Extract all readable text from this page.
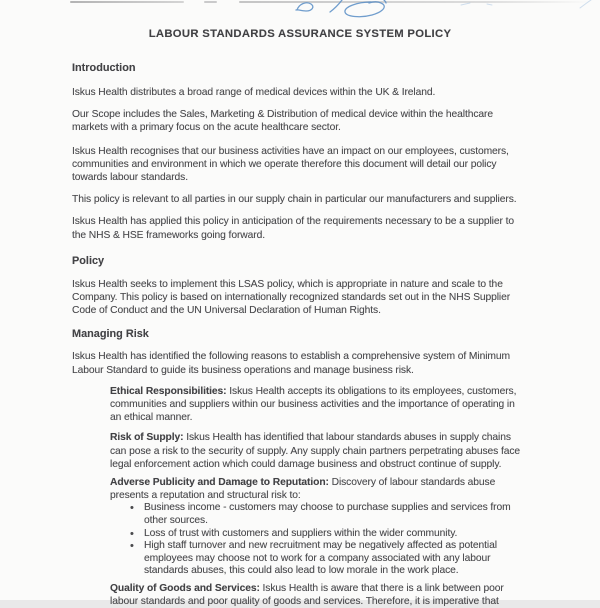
LABOUR STANDARDS ASSURANCE SYSTEM POLICY
Introduction
Iskus Health distributes a broad range of medical devices within the UK & Ireland.
Our Scope includes the Sales, Marketing & Distribution of medical device within the healthcare
markets with a primary focus on the acute healthcare sector.
Iskus Health recognises that our business activities have an impact on our employees, customers,
communities and environment in which we operate therefore this document will detail our policy
towards labour standards.
This policy is relevant to all parties in our supply chain in particular our manufacturers and suppliers.
Iskus Health has applied this policy in anticipation of the requirements necessary to be a supplier to
the NHS & HSE frameworks going forward.
Policy
Iskus Health seeks to implement this LSAS policy, which is appropriate in nature and scale to the
Company. This policy is based on internationally recognized standards set out in the NHS Supplier
Code of Conduct and the UN Universal Declaration of Human Rights.
Managing Risk
Iskus Health has identified the following reasons to establish a comprehensive system of Minimum
Labour Standard to guide its business operations and manage business risk.
Ethical Responsibilities: Iskus Health accepts its obligations to its employees, customers,
communities and suppliers within our business activities and the importance of operating in
an ethical manner.
Risk of Supply: Iskus Health has identified that labour standards abuses in supply chains
can pose a risk to the security of supply. Any supply chain partners perpetrating abuses face
legal enforcement action which could damage business and obstruct continue of supply.
Adverse Publicity and Damage to Reputation: Discovery of labour standards abuse
presents a reputation and structural risk to:
• Business income - customers may choose to purchase supplies and services from
other sources.
• Loss of trust with customers and suppliers within the wider community.
• High staff turnover and new recruitment may be negatively affected as potential
employees may choose not to work for a company associated with any labour
standards abuses, this could also lead to low morale in the work place.
Quality of Goods and Services: Iskus Health is aware that there is a link between poor
labour standards and poor quality of goods and services. Therefore, it is imperative that
